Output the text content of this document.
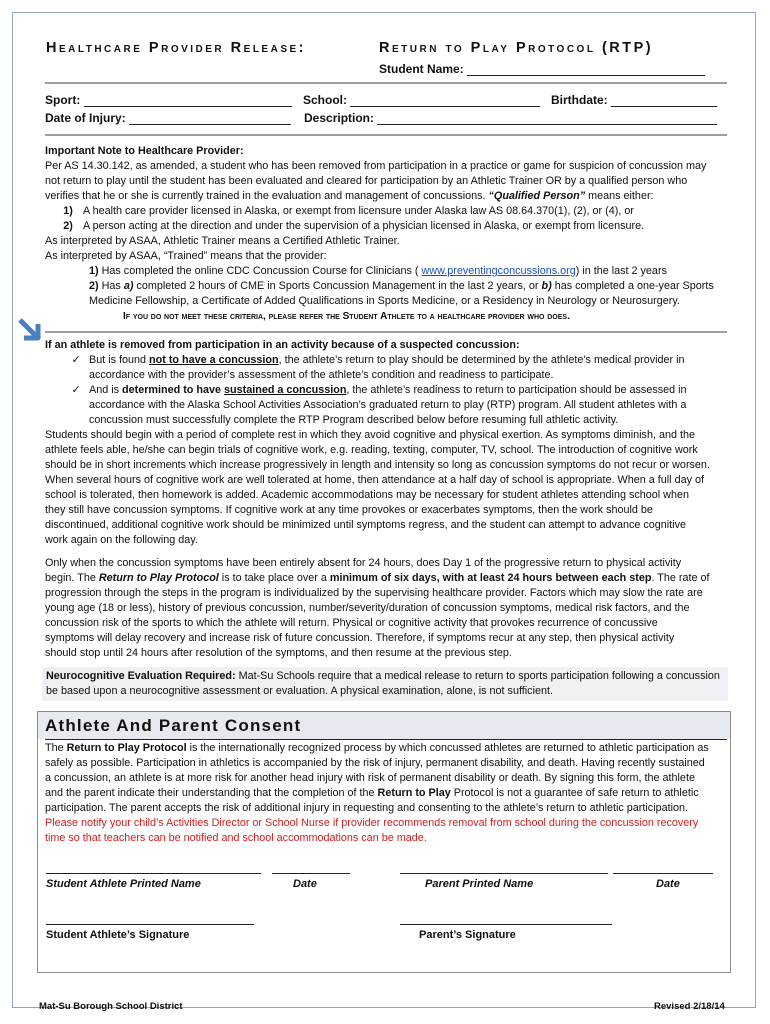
Healthcare Provider Release:	Return to Play Protocol (RTP)
Student Name:
Sport:	School:	Birthdate:
Date of Injury:	Description:
Important Note to Healthcare Provider:
Per AS 14.30.142, as amended, a student who has been removed from participation in a practice or game for suspicion of concussion may
not return to play until the student has been evaluated and cleared for participation by an Athletic Trainer OR by a qualified person who
verifies that he or she is currently trained in the evaluation and management of concussions. “Qualified Person” means either:
1) A health care provider licensed in Alaska, or exempt from licensure under Alaska law AS 08.64.370(1), (2), or (4), or
2) A person acting at the direction and under the supervision of a physician licensed in Alaska, or exempt from licensure.
As interpreted by ASAA, Athletic Trainer means a Certified Athletic Trainer.
As interpreted by ASAA, “Trained” means that the provider:
1) Has completed the online CDC Concussion Course for Clinicians ( www.preventingconcussions.org) in the last 2 years
2) Has a) completed 2 hours of CME in Sports Concussion Management in the last 2 years, or b) has completed a one-year Sports
Medicine Fellowship, a Certificate of Added Qualifications in Sports Medicine, or a Residency in Neurology or Neurosurgery.
If you do not meet these criteria, please refer the Student Athlete to a healthcare provider who does.
If an athlete is removed from participation in an activity because of a suspected concussion:
✓ But is found not to have a concussion, the athlete’s return to play should be determined by the athlete’s medical provider in
accordance with the provider’s assessment of the athlete’s condition and readiness to participate.
✓ And is determined to have sustained a concussion, the athlete’s readiness to return to participation should be assessed in
accordance with the Alaska School Activities Association’s graduated return to play (RTP) program. All student athletes with a
concussion must successfully complete the RTP Program described below before resuming full athletic activity.
Students should begin with a period of complete rest in which they avoid cognitive and physical exertion. As symptoms diminish, and the
athlete feels able, he/she can begin trials of cognitive work, e.g. reading, texting, computer, TV, school. The introduction of cognitive work
should be in short increments which increase progressively in length and intensity so long as concussion symptoms do not recur or worsen.
When several hours of cognitive work are well tolerated at home, then attendance at a half day of school is appropriate. When a full day of
school is tolerated, then homework is added. Academic accommodations may be necessary for student athletes attending school when
they still have concussion symptoms. If cognitive work at any time provokes or exacerbates symptoms, then the work should be
discontinued, additional cognitive work should be minimized until symptoms regress, and the student can attempt to advance cognitive
work again on the following day.
Only when the concussion symptoms have been entirely absent for 24 hours, does Day 1 of the progressive return to physical activity
begin. The Return to Play Protocol is to take place over a minimum of six days, with at least 24 hours between each step. The rate of
progression through the steps in the program is individualized by the supervising healthcare provider. Factors which may slow the rate are
young age (18 or less), history of previous concussion, number/severity/duration of concussion symptoms, medical risk factors, and the
concussion risk of the sports to which the athlete will return. Physical or cognitive activity that provokes recurrence of concussive
symptoms will delay recovery and increase risk of future concussion. Therefore, if symptoms recur at any step, then physical activity
should stop until 24 hours after resolution of the symptoms, and then resume at the previous step.
Neurocognitive Evaluation Required: Mat-Su Schools require that a medical release to return to sports participation following a concussion
be based upon a neurocognitive assessment or evaluation. A physical examination, alone, is not sufficient.
Athlete And Parent Consent
The Return to Play Protocol is the internationally recognized process by which concussed athletes are returned to athletic participation as
safely as possible. Participation in athletics is accompanied by the risk of injury, permanent disability, and death. Having recently sustained
a concussion, an athlete is at more risk for another head injury with risk of permanent disability or death. By signing this form, the athlete
and the parent indicate their understanding that the completion of the Return to Play Protocol is not a guarantee of safe return to athletic
participation. The parent accepts the risk of additional injury in requesting and consenting to the athlete’s return to athletic participation.
Please notify your child’s Activities Director or School Nurse if provider recommends removal from school during the concussion recovery
time so that teachers can be notified and school accommodations can be made.
Student Athlete Printed Name	Date	Parent Printed Name	Date
Student Athlete’s Signature	Parent’s Signature
Mat-Su Borough School District	Revised 2/18/14
